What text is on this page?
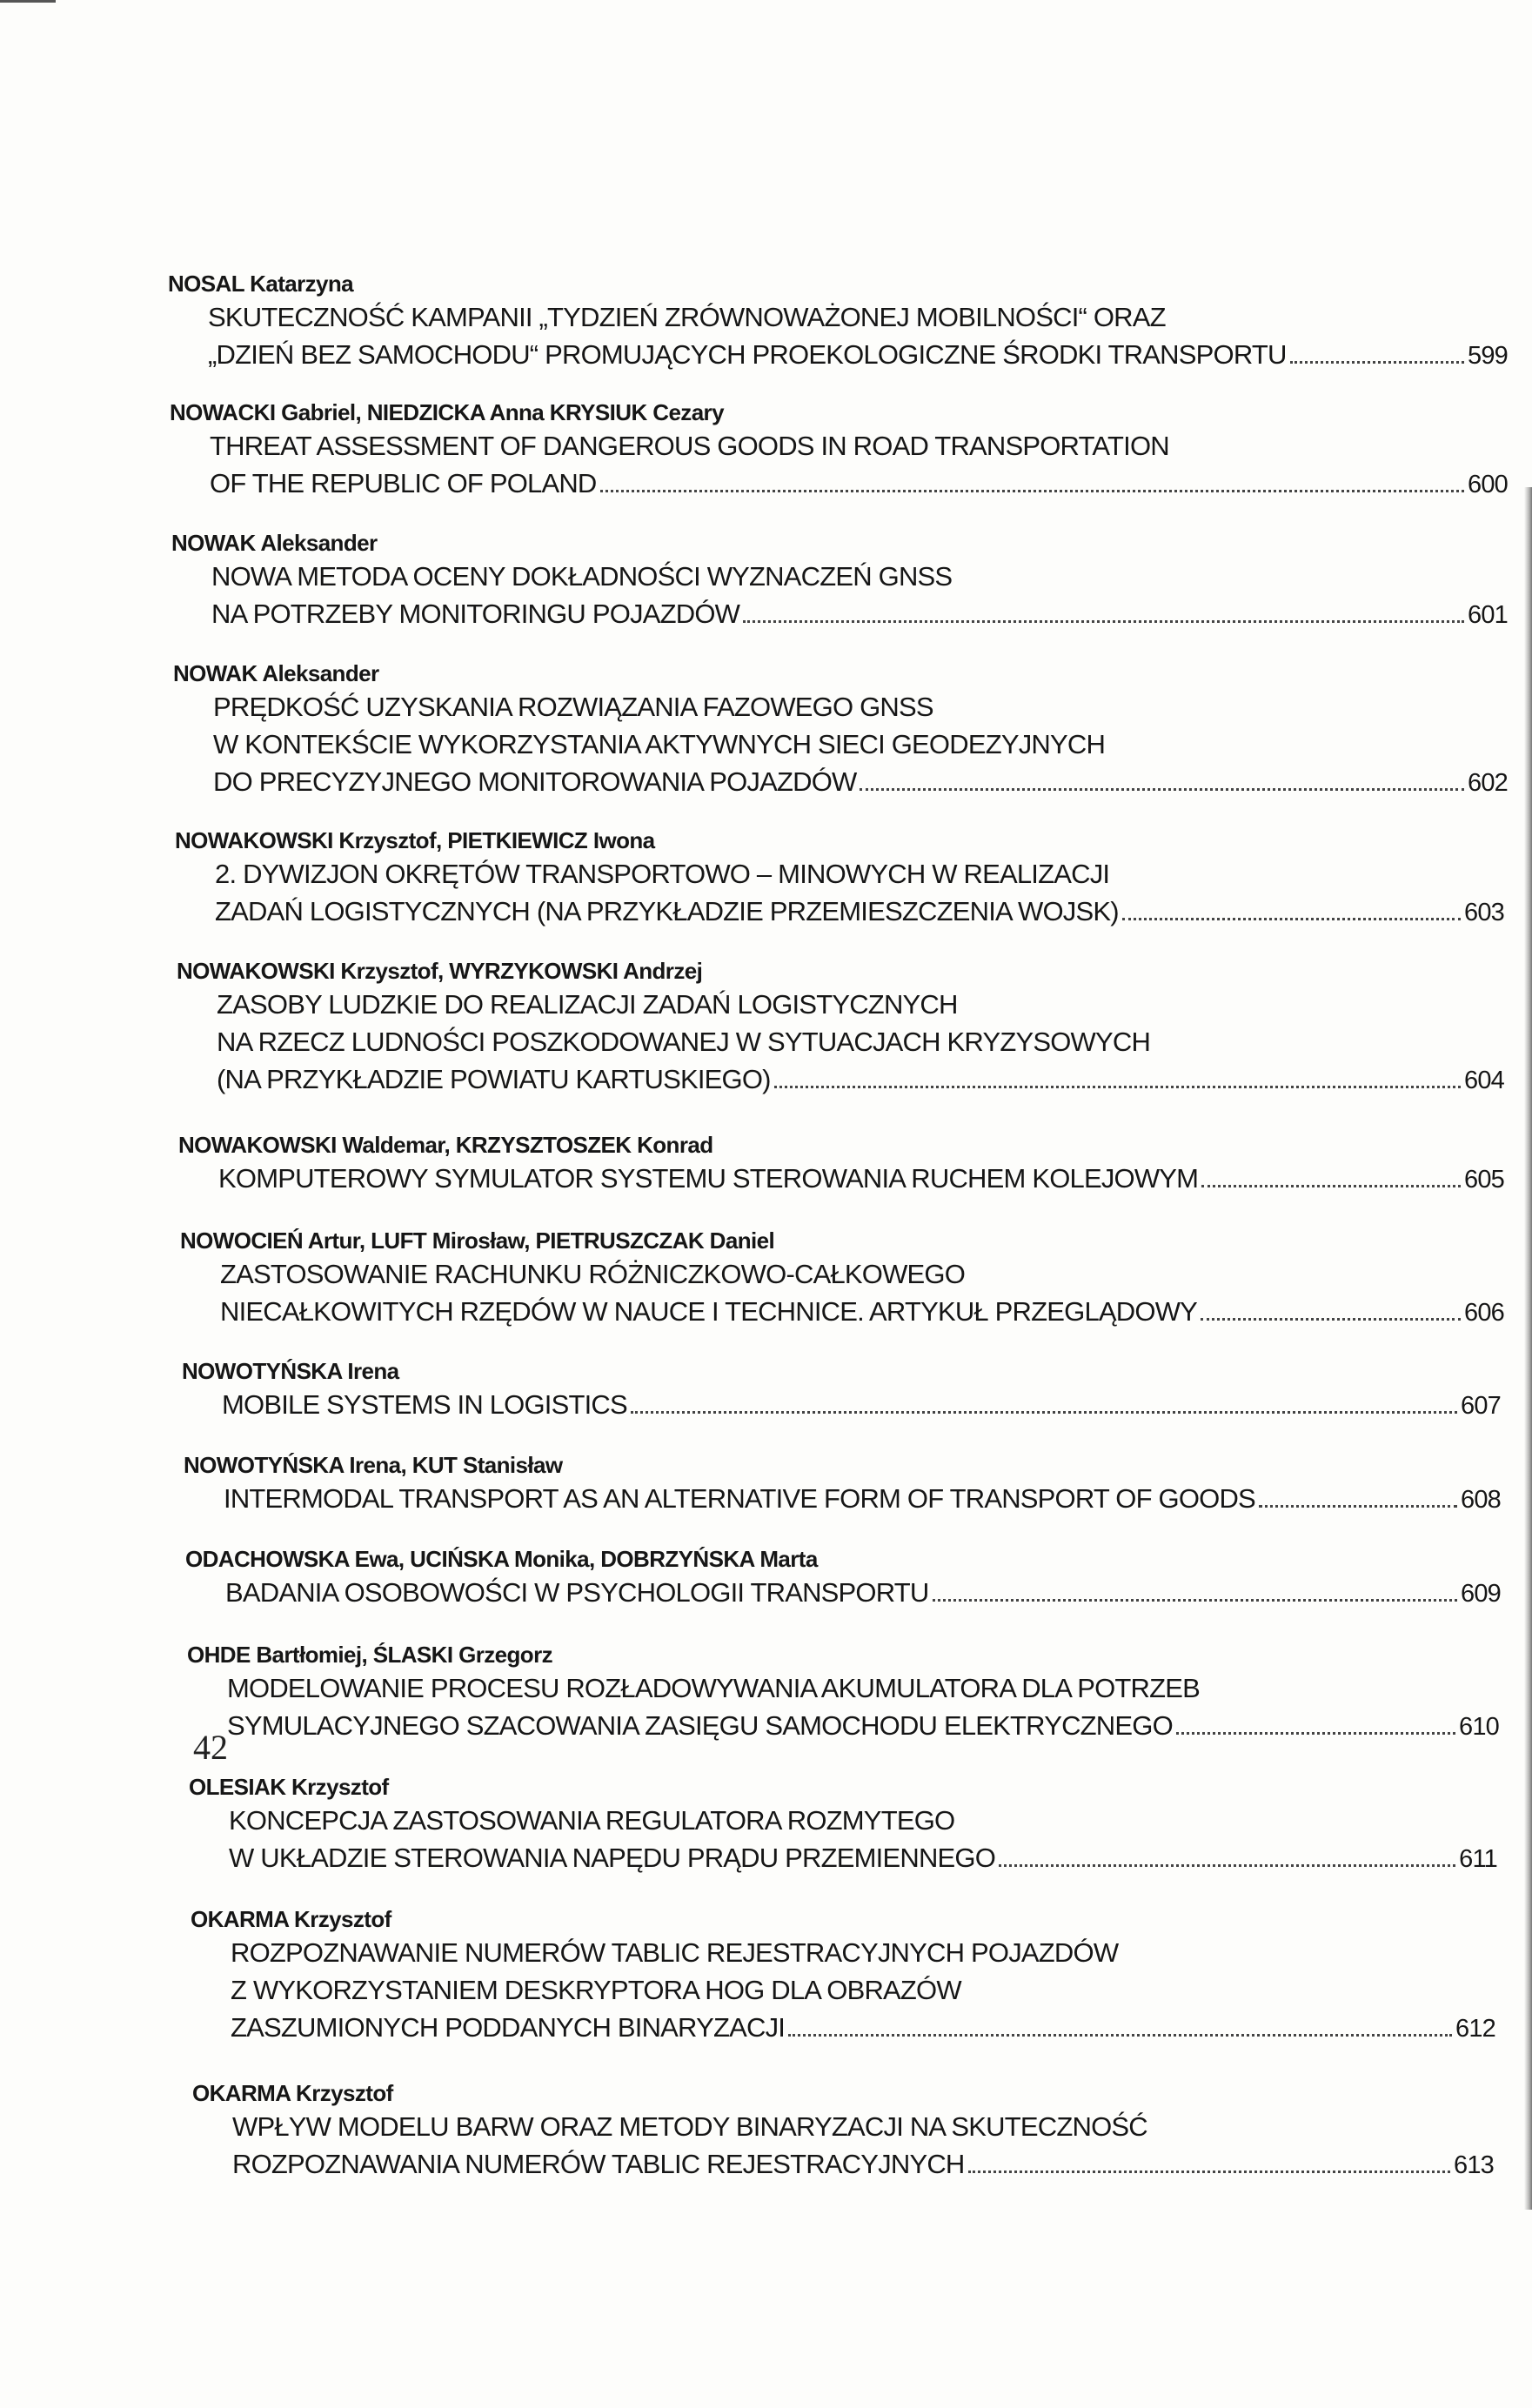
NOSAL Katarzyna
SKUTECZNOŚĆ KAMPANII „TYDZIEŃ ZRÓWNOWAŻONEJ MOBILNOŚCI“ ORAZ
„DZIEŃ BEZ SAMOCHODU“ PROMUJĄCYCH PROEKOLOGICZNE ŚRODKI TRANSPORTU	599
NOWACKI Gabriel, NIEDZICKA Anna KRYSIUK Cezary
THREAT ASSESSMENT OF DANGEROUS GOODS IN ROAD TRANSPORTATION
OF THE REPUBLIC OF POLAND	600
NOWAK Aleksander
NOWA METODA OCENY DOKŁADNOŚCI WYZNACZEŃ GNSS
NA POTRZEBY MONITORINGU POJAZDÓW	601
NOWAK Aleksander
PRĘDKOŚĆ UZYSKANIA ROZWIĄZANIA FAZOWEGO GNSS
W KONTEKŚCIE WYKORZYSTANIA AKTYWNYCH SIECI GEODEZYJNYCH
DO PRECYZYJNEGO MONITOROWANIA POJAZDÓW	602
NOWAKOWSKI Krzysztof, PIETKIEWICZ Iwona
2. DYWIZJON OKRĘTÓW TRANSPORTOWO – MINOWYCH W REALIZACJI
ZADAŃ LOGISTYCZNYCH (NA PRZYKŁADZIE PRZEMIESZCZENIA WOJSK)	603
NOWAKOWSKI Krzysztof, WYRZYKOWSKI Andrzej
ZASOBY LUDZKIE DO REALIZACJI ZADAŃ LOGISTYCZNYCH
NA RZECZ LUDNOŚCI POSZKODOWANEJ W SYTUACJACH KRYZYSOWYCH
(NA PRZYKŁADZIE POWIATU KARTUSKIEGO)	604
NOWAKOWSKI Waldemar, KRZYSZTOSZEK Konrad
KOMPUTEROWY SYMULATOR SYSTEMU STEROWANIA RUCHEM KOLEJOWYM	605
NOWOCIEŃ Artur, LUFT Mirosław, PIETRUSZCZAK Daniel
ZASTOSOWANIE RACHUNKU RÓŻNICZKOWO-CAŁKOWEGO
NIECAŁKOWITYCH RZĘDÓW W NAUCE I TECHNICE. ARTYKUŁ PRZEGLĄDOWY	606
NOWOTYŃSKA Irena
MOBILE SYSTEMS IN LOGISTICS	607
NOWOTYŃSKA Irena, KUT Stanisław
INTERMODAL TRANSPORT AS AN ALTERNATIVE FORM OF TRANSPORT OF GOODS	608
ODACHOWSKA Ewa, UCIŃSKA Monika, DOBRZYŃSKA Marta
BADANIA OSOBOWOŚCI W PSYCHOLOGII TRANSPORTU	609
OHDE Bartłomiej, ŚLASKI Grzegorz
MODELOWANIE PROCESU ROZŁADOWYWANIA AKUMULATORA DLA POTRZEB
SYMULACYJNEGO SZACOWANIA ZASIĘGU SAMOCHODU ELEKTRYCZNEGO	610
OLESIAK Krzysztof
KONCEPCJA ZASTOSOWANIA REGULATORA ROZMYTEGO
W UKŁADZIE STEROWANIA NAPĘDU PRĄDU PRZEMIENNEGO	611
OKARMA Krzysztof
ROZPOZNAWANIE NUMERÓW TABLIC REJESTRACYJNYCH POJAZDÓW
Z WYKORZYSTANIEM DESKRYPTORA HOG DLA OBRAZÓW
ZASZUMIONYCH PODDANYCH BINARYZACJI	612
OKARMA Krzysztof
WPŁYW MODELU BARW ORAZ METODY BINARYZACJI NA SKUTECZNOŚĆ
ROZPOZNAWANIA NUMERÓW TABLIC REJESTRACYJNYCH	613
42
